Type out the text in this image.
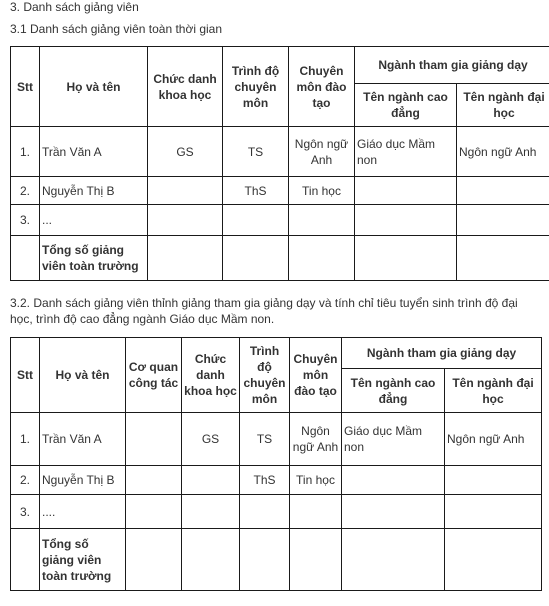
3. Danh sách giảng viên
3.1 Danh sách giảng viên toàn thời gian
Stt	Họ và tên	Chức danh khoa học	Trình độ chuyên môn	Chuyên môn đào tạo	Ngành tham gia giảng dạy	
					Tên ngành cao đẳng	Tên ngành đại học
1.	Trần Văn A	GS	TS	Ngôn ngữ Anh	Giáo dục Mầm non	Ngôn ngữ Anh
2.	Nguyễn Thị B		ThS	Tin học		
3.	...					
	Tổng số giảng viên toàn trường					
3.2. Danh sách giảng viên thỉnh giảng tham gia giảng dạy và tính chỉ tiêu tuyển sinh trình độ đại học, trình độ cao đẳng ngành Giáo dục Mầm non.
Stt	Họ và tên	Cơ quan công tác	Chức danh khoa học	Trình độ chuyên môn	Chuyên môn đào tạo	Ngành tham gia giảng dạy	
						Tên ngành cao đẳng	Tên ngành đại học
1.	Trần Văn A		GS	TS	Ngôn ngữ Anh	Giáo dục Mầm non	Ngôn ngữ Anh
2.	Nguyễn Thị B			ThS	Tin học		
3.	....						
	Tổng số giảng viên toàn trường						
